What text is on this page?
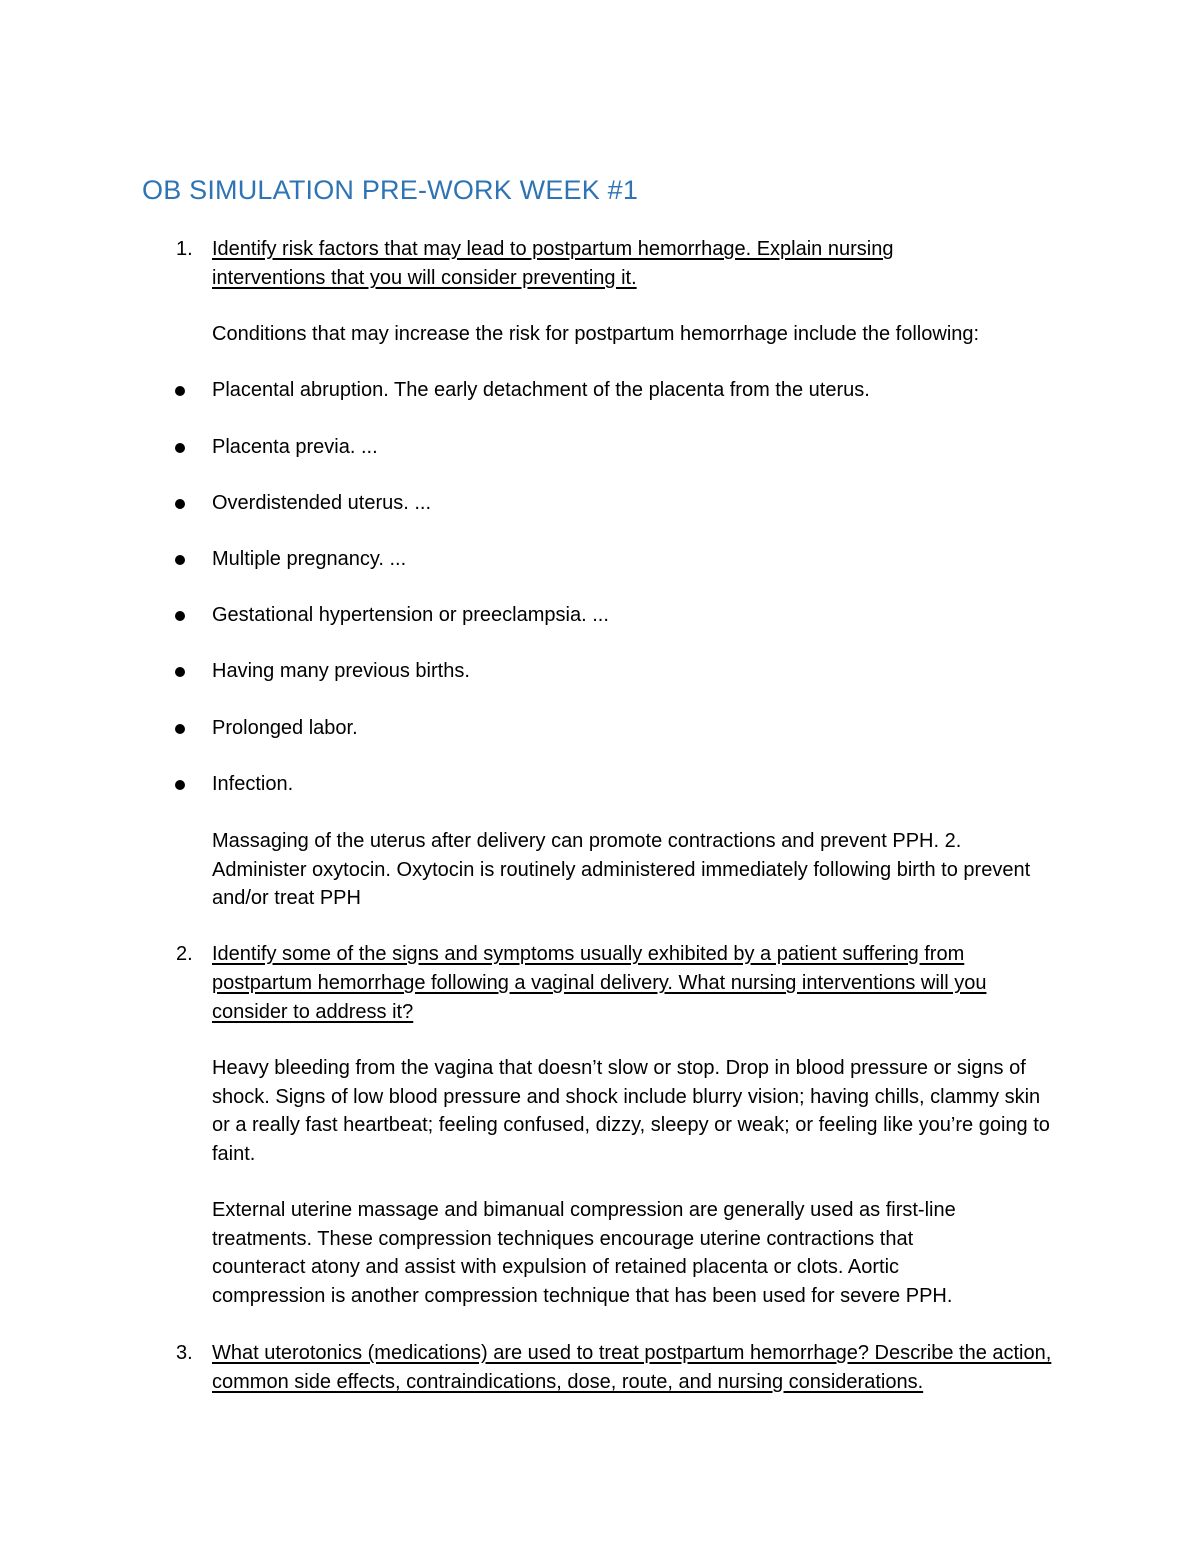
OB SIMULATION PRE-WORK WEEK #1
1. Identify risk factors that may lead to postpartum hemorrhage. Explain nursing interventions that you will consider preventing it.
Conditions that may increase the risk for postpartum hemorrhage include the following:
Placental abruption. The early detachment of the placenta from the uterus.
Placenta previa. ...
Overdistended uterus. ...
Multiple pregnancy. ...
Gestational hypertension or preeclampsia. ...
Having many previous births.
Prolonged labor.
Infection.
Massaging of the uterus after delivery can promote contractions and prevent PPH. 2. Administer oxytocin. Oxytocin is routinely administered immediately following birth to prevent and/or treat PPH
2. Identify some of the signs and symptoms usually exhibited by a patient suffering from postpartum hemorrhage following a vaginal delivery. What nursing interventions will you consider to address it?
Heavy bleeding from the vagina that doesn’t slow or stop. Drop in blood pressure or signs of shock. Signs of low blood pressure and shock include blurry vision; having chills, clammy skin or a really fast heartbeat; feeling confused, dizzy, sleepy or weak; or feeling like you’re going to faint.
External uterine massage and bimanual compression are generally used as first-line treatments. These compression techniques encourage uterine contractions that counteract atony and assist with expulsion of retained placenta or clots. Aortic compression is another compression technique that has been used for severe PPH.
3. What uterotonics (medications) are used to treat postpartum hemorrhage? Describe the action, common side effects, contraindications, dose, route, and nursing considerations.
